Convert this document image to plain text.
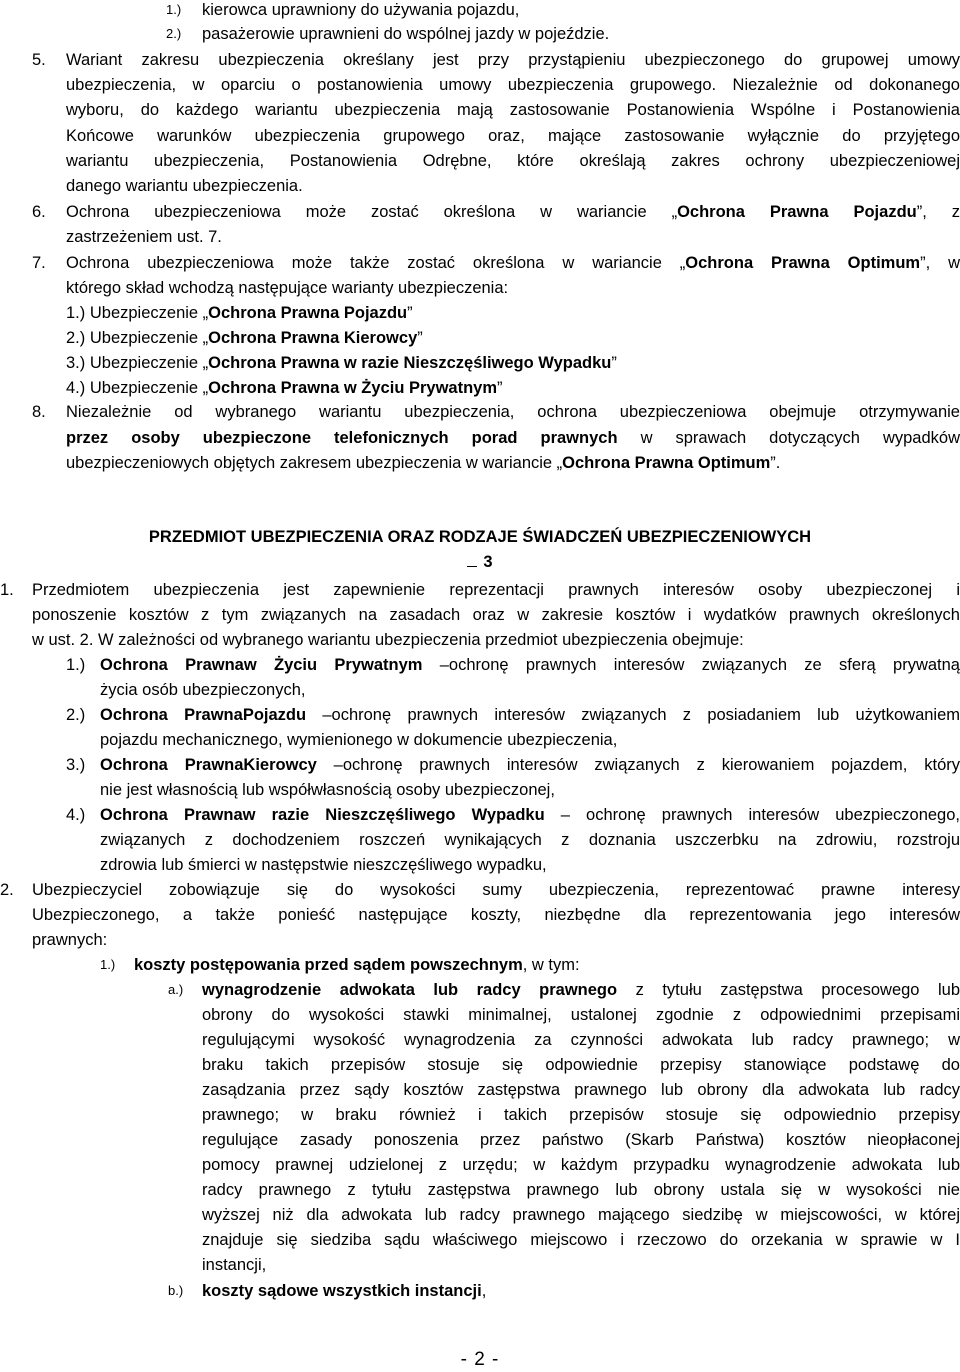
1.) kierowca uprawniony do używania pojazdu,
2.) pasażerowie uprawnieni do wspólnej jazdy w pojeździe.
5. Wariant zakresu ubezpieczenia określany jest przy przystąpieniu ubezpieczonego do grupowej umowy
ubezpieczenia, w oparciu o postanowienia umowy ubezpieczenia grupowego. Niezależnie od dokonanego
wyboru, do każdego wariantu ubezpieczenia mają zastosowanie Postanowienia Wspólne i Postanowienia
Końcowe warunków ubezpieczenia grupowego oraz, mające zastosowanie wyłącznie do przyjętego
wariantu ubezpieczenia, Postanowienia Odrębne, które określają zakres ochrony ubezpieczeniowej
danego wariantu ubezpieczenia.
6. Ochrona ubezpieczeniowa może zostać określona w wariancie „Ochrona Prawna Pojazdu”, z
zastrzeżeniem ust. 7.
7. Ochrona ubezpieczeniowa może także zostać określona w wariancie „Ochrona Prawna Optimum”, w
którego skład wchodzą następujące warianty ubezpieczenia:
1.) Ubezpieczenie „Ochrona Prawna Pojazdu”
2.) Ubezpieczenie „Ochrona Prawna Kierowcy”
3.) Ubezpieczenie „Ochrona Prawna w razie Nieszczęśliwego Wypadku”
4.) Ubezpieczenie „Ochrona Prawna w Życiu Prywatnym”
8. Niezależnie od wybranego wariantu ubezpieczenia, ochrona ubezpieczeniowa obejmuje otrzymywanie
przez osoby ubezpieczone telefonicznych porad prawnych w sprawach dotyczących wypadków
ubezpieczeniowych objętych zakresem ubezpieczenia w wariancie „Ochrona Prawna Optimum”.
PRZEDMIOT UBEZPIECZENIA ORAZ RODZAJE ŚWIADCZEŃ UBEZPIECZENIOWYCH
3
1. Przedmiotem ubezpieczenia jest zapewnienie reprezentacji prawnych interesów osoby ubezpieczonej i
ponoszenie kosztów z tym związanych na zasadach oraz w zakresie kosztów i wydatków prawnych określonych
w ust. 2. W zależności od wybranego wariantu ubezpieczenia przedmiot ubezpieczenia obejmuje:
1.) Ochrona Prawnaw Życiu Prywatnym –ochronę prawnych interesów związanych ze sferą prywatną
życia osób ubezpieczonych,
2.) Ochrona PrawnaPojazdu –ochronę prawnych interesów związanych z posiadaniem lub użytkowaniem
pojazdu mechanicznego, wymienionego w dokumencie ubezpieczenia,
3.) Ochrona PrawnaKierowcy –ochronę prawnych interesów związanych z kierowaniem pojazdem, który
nie jest własnością lub współwłasnością osoby ubezpieczonej,
4.) Ochrona Prawnaw razie Nieszczęśliwego Wypadku – ochronę prawnych interesów ubezpieczonego,
związanych z dochodzeniem roszczeń wynikających z doznania uszczerbku na zdrowiu, rozstroju
zdrowia lub śmierci w następstwie nieszczęśliwego wypadku,
2. Ubezpieczyciel zobowiązuje się do wysokości sumy ubezpieczenia, reprezentować prawne interesy
Ubezpieczonego, a także ponieść następujące koszty, niezbędne dla reprezentowania jego interesów
prawnych:
1.) koszty postępowania przed sądem powszechnym, w tym:
a.) wynagrodzenie adwokata lub radcy prawnego z tytułu zastępstwa procesowego lub
obrony do wysokości stawki minimalnej, ustalonej zgodnie z odpowiednimi przepisami
regulującymi wysokość wynagrodzenia za czynności adwokata lub radcy prawnego; w
braku takich przepisów stosuje się odpowiednie przepisy stanowiące podstawę do
zasądzania przez sądy kosztów zastępstwa prawnego lub obrony dla adwokata lub radcy
prawnego; w braku również i takich przepisów stosuje się odpowiednio przepisy
regulujące zasady ponoszenia przez państwo (Skarb Państwa) kosztów nieopłaconej
pomocy prawnej udzielonej z urzędu; w każdym przypadku wynagrodzenie adwokata lub
radcy prawnego z tytułu zastępstwa prawnego lub obrony ustala się w wysokości nie
wyższej niż dla adwokata lub radcy prawnego mającego siedzibę w miejscowości, w której
znajduje się siedziba sądu właściwego miejscowo i rzeczowo do orzekania w sprawie w I
instancji,
b.) koszty sądowe wszystkich instancji,
- 2 -
